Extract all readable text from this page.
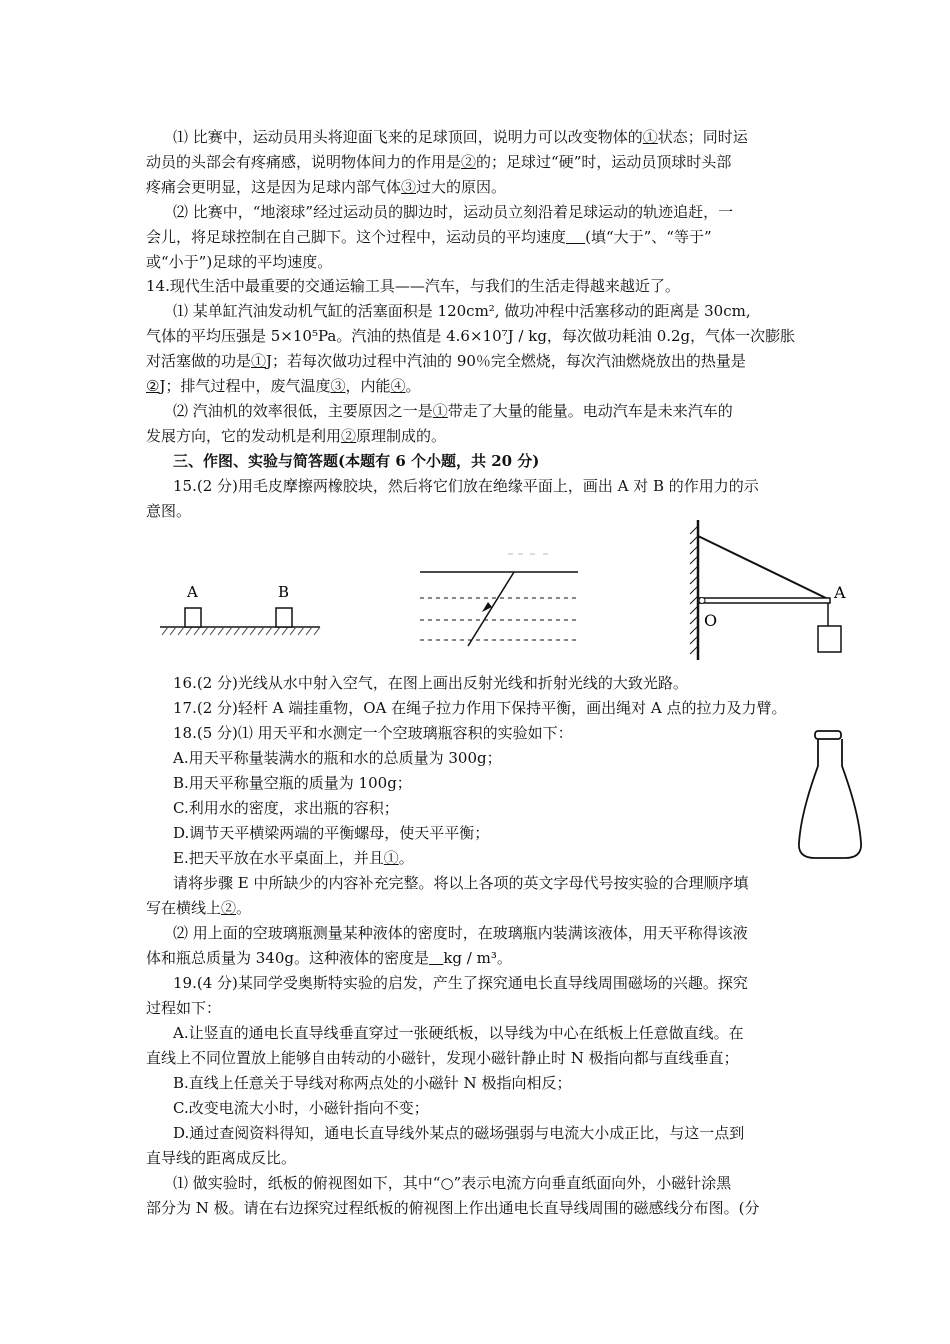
⑴ 比赛中，运动员用头将迎面飞来的足球顶回，说明力可以改变物体的①状态；同时运
动员的头部会有疼痛感，说明物体间力的作用是②的；足球过“硬”时，运动员顶球时头部
疼痛会更明显，这是因为足球内部气体③过大的原因。
⑵ 比赛中，“地滚球”经过运动员的脚边时，运动员立刻沿着足球运动的轨迹追赶，一
会儿，将足球控制在自己脚下。这个过程中，运动员的平均速度 (填“大于”、“等于”
或“小于”)足球的平均速度。
14.现代生活中最重要的交通运输工具——汽车，与我们的生活走得越来越近了。
⑴ 某单缸汽油发动机气缸的活塞面积是 120cm², 做功冲程中活塞移动的距离是 30cm,
气体的平均压强是 5×10⁵Pa。汽油的热值是 4.6×10⁷J / kg，每次做功耗油 0.2g，气体一次膨胀
对活塞做的功是①J；若每次做功过程中汽油的 90％完全燃烧，每次汽油燃烧放出的热量是
②J；排气过程中，废气温度③，内能④。
⑵ 汽油机的效率很低，主要原因之一是①带走了大量的能量。电动汽车是未来汽车的
发展方向，它的发动机是利用②原理制成的。
三、作图、实验与简答题(本题有 6 个小题，共 20 分)
15.(2 分)用毛皮摩擦两橡胶块，然后将它们放在绝缘平面上，画出 A 对 B 的作用力的示
意图。
A	B	A
O
16.(2 分)光线从水中射入空气，在图上画出反射光线和折射光线的大致光路。
17.(2 分)轻杆 A 端挂重物，OA 在绳子拉力作用下保持平衡，画出绳对 A 点的拉力及力臂。
18.(5 分)⑴ 用天平和水测定一个空玻璃瓶容积的实验如下：
A.用天平称量装满水的瓶和水的总质量为 300g；
B.用天平称量空瓶的质量为 100g；
C.利用水的密度，求出瓶的容积；
D.调节天平横梁两端的平衡螺母，使天平平衡；
E.把天平放在水平桌面上，并且①。
请将步骤 E 中所缺少的内容补充完整。将以上各项的英文字母代号按实验的合理顺序填
写在横线上②。
⑵ 用上面的空玻璃瓶测量某种液体的密度时，在玻璃瓶内装满该液体，用天平称得该液
体和瓶总质量为 340g。这种液体的密度是 kg / m³。
19.(4 分)某同学受奥斯特实验的启发，产生了探究通电长直导线周围磁场的兴趣。探究
过程如下：
A.让竖直的通电长直导线垂直穿过一张硬纸板，以导线为中心在纸板上任意做直线。在
直线上不同位置放上能够自由转动的小磁针，发现小磁针静止时 N 极指向都与直线垂直；
B.直线上任意关于导线对称两点处的小磁针 N 极指向相反；
C.改变电流大小时，小磁针指向不变；
D.通过查阅资料得知，通电长直导线外某点的磁场强弱与电流大小成正比，与这一点到
直导线的距离成反比。
⑴ 做实验时，纸板的俯视图如下，其中“○”表示电流方向垂直纸面向外，小磁针涂黑
部分为 N 极。请在右边探究过程纸板的俯视图上作出通电长直导线周围的磁感线分布图。(分
